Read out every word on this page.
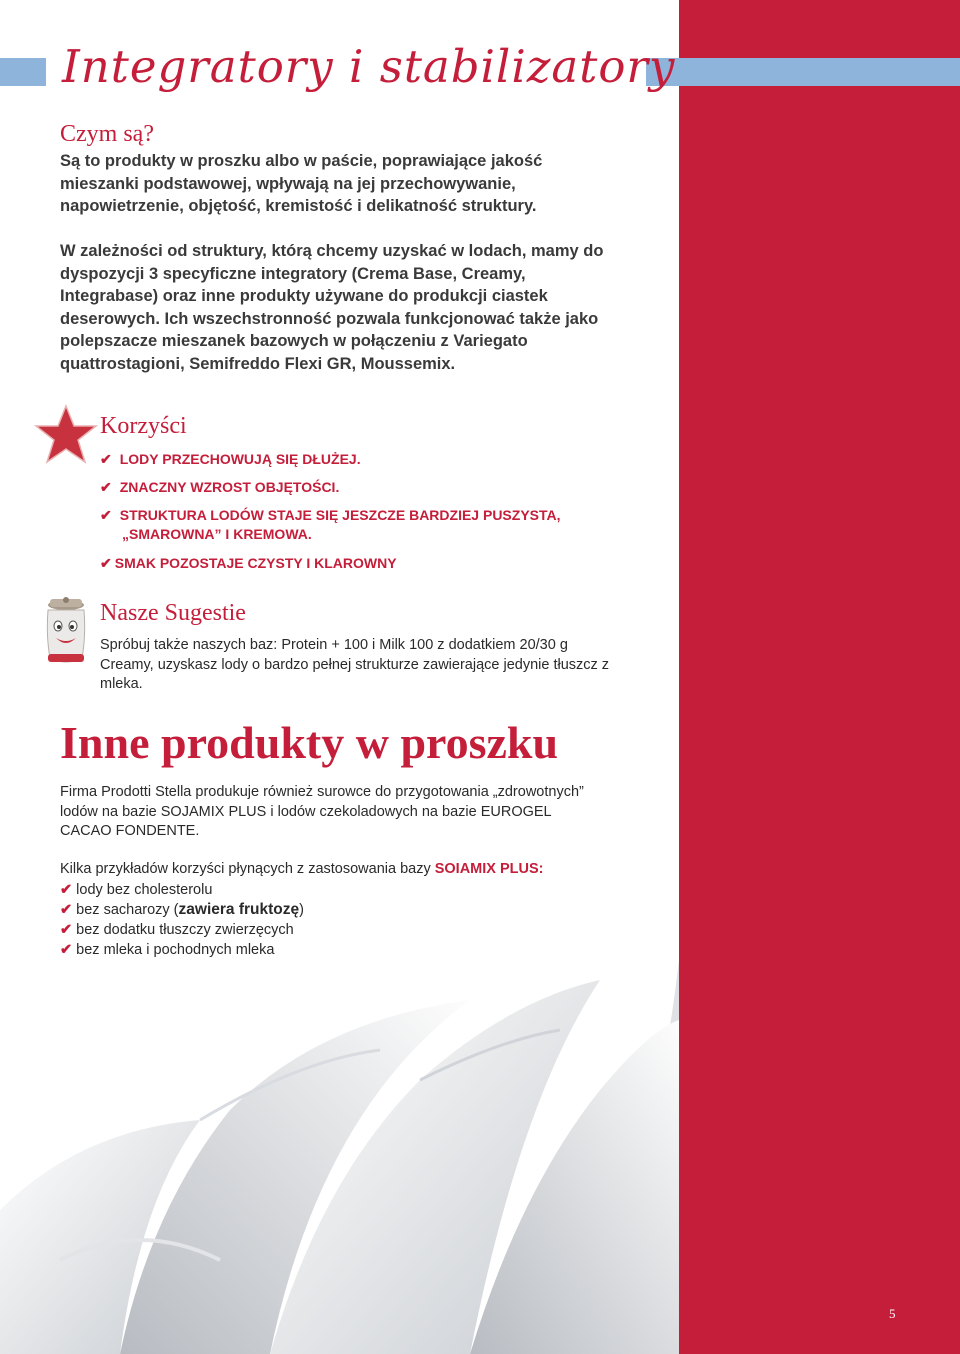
Integratory i stabilizatory
Czym są?

Są to produkty w proszku albo w paście, poprawiające jakość mieszanki podstawowej, wpływają na jej przechowywanie, napowietrzenie, objętość, kremistość i delikatność struktury.

W zależności od struktury, którą chcemy uzyskać w lodach, mamy do dyspozycji 3 specyficzne integratory (Crema Base, Creamy, Integrabase) oraz inne produkty używane do produkcji ciastek deserowych. Ich wszechstronność pozwala funkcjonować także jako polepszacze mieszanek bazowych w połączeniu z Variegato quattrostagioni, Semifreddo Flexi GR, Moussemix.

Korzyści

✔ LODY PRZECHOWUJĄ SIĘ DŁUŻEJ.

✔ ZNACZNY WZROST OBJĘTOŚCI.

✔ STRUKTURA LODÓW STAJE SIĘ JESZCZE BARDZIEJ PUSZYSTA, „SMAROWNA” I KREMOWA.

✔ SMAK POZOSTAJE CZYSTY I KLAROWNY

Nasze Sugestie

Spróbuj także naszych baz: Protein + 100 i Milk 100 z dodatkiem 20/30 g Creamy, uzyskasz lody o bardzo pełnej strukturze zawierające jedynie tłuszcz z mleka.

Inne produkty w proszku

Firma Prodotti Stella produkuje również surowce do przygotowania „zdrowotnych” lodów na bazie SOJAMIX PLUS i lodów czekoladowych na bazie EUROGEL CACAO FONDENTE.

Kilka przykładów korzyści płynących z zastosowania bazy SOIAMIX PLUS:

✔ lody bez cholesterolu
✔ bez sacharozy (zawiera fruktozę)
✔ bez dodatku tłuszczy zwierzęcych
✔ bez mleka i pochodnych mleka

5
